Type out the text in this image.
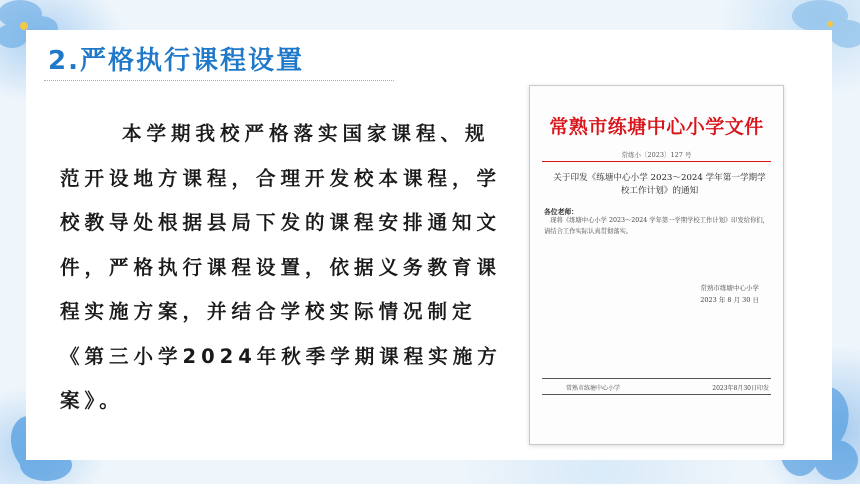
2.严格执行课程设置

本学期我校严格落实国家课程、规范开设地方课程，合理开发校本课程，学校教导处根据县局下发的课程安排通知文件，严格执行课程设置，依据义务教育课程实施方案，并结合学校实际情况制定《第三小学2024年秋季学期课程实施方案》。

常熟市练塘中心小学文件
常练小〔2023〕127 号
关于印发《练塘中心小学 2023～2024 学年第一学期学校工作计划》的通知
各位老师：
现将《练塘中心小学 2023～2024 学年第一学期学校工作计划》印发给你们，请结合工作实际认真贯彻落实。
常熟市练塘中心小学
2023 年 8 月 30 日
常熟市练塘中心小学	2023年8月30日印发
